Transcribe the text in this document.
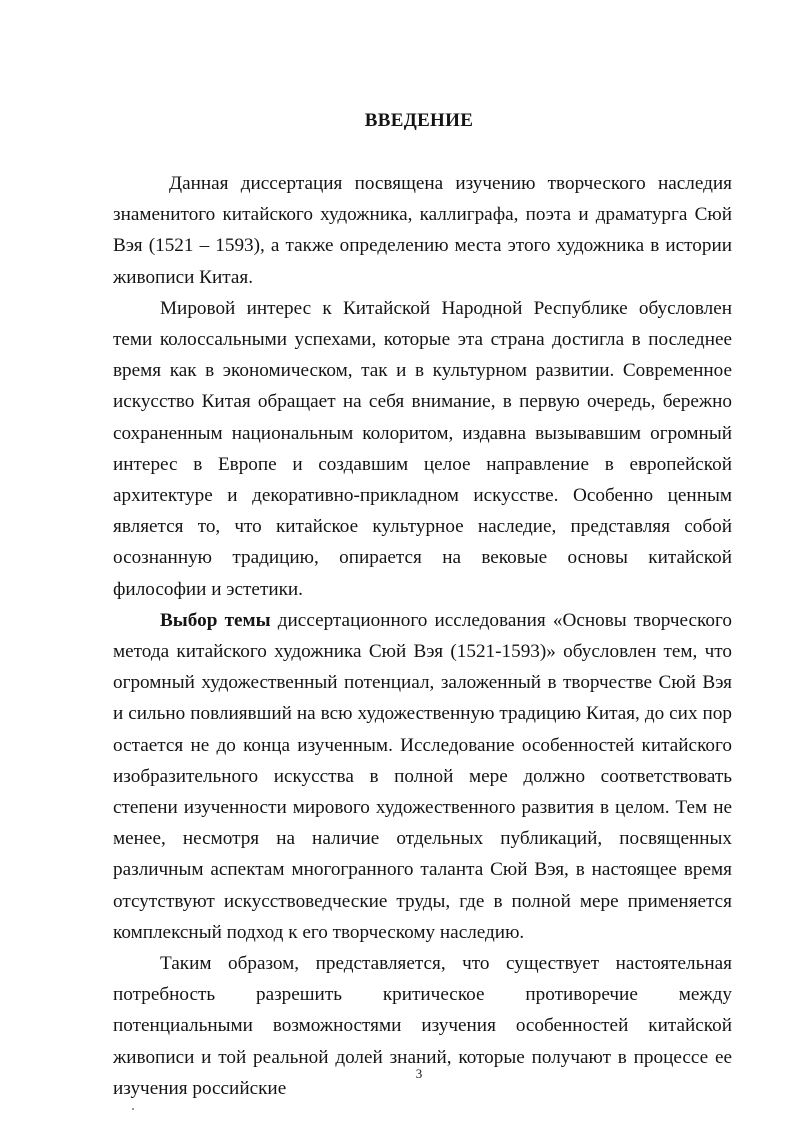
ВВЕДЕНИЕ

Данная диссертация посвящена изучению творческого наследия знаменитого китайского художника, каллиграфа, поэта и драматурга Сюй Вэя (1521 – 1593), а также определению места этого художника в истории живописи Китая.

Мировой интерес к Китайской Народной Республике обусловлен теми колоссальными успехами, которые эта страна достигла в последнее время как в экономическом, так и в культурном развитии. Современное искусство Китая обращает на себя внимание, в первую очередь, бережно сохраненным национальным колоритом, издавна вызывавшим огромный интерес в Европе и создавшим целое направление в европейской архитектуре и декоративно-прикладном искусстве. Особенно ценным является то, что китайское культурное наследие, представляя собой осознанную традицию, опирается на вековые основы китайской философии и эстетики.

Выбор темы диссертационного исследования «Основы творческого метода китайского художника Сюй Вэя (1521-1593)» обусловлен тем, что огромный художественный потенциал, заложенный в творчестве Сюй Вэя и сильно повлиявший на всю художественную традицию Китая, до сих пор остается не до конца изученным. Исследование особенностей китайского изобразительного искусства в полной мере должно соответствовать степени изученности мирового художественного развития в целом. Тем не менее, несмотря на наличие отдельных публикаций, посвященных различным аспектам многогранного таланта Сюй Вэя, в настоящее время отсутствуют искусствоведческие труды, где в полной мере применяется комплексный подход к его творческому наследию.

Таким образом, представляется, что существует настоятельная потребность разрешить критическое противоречие между потенциальными возможностями изучения особенностей китайской живописи и той реальной долей знаний, которые получают в процессе ее изучения российские

3
